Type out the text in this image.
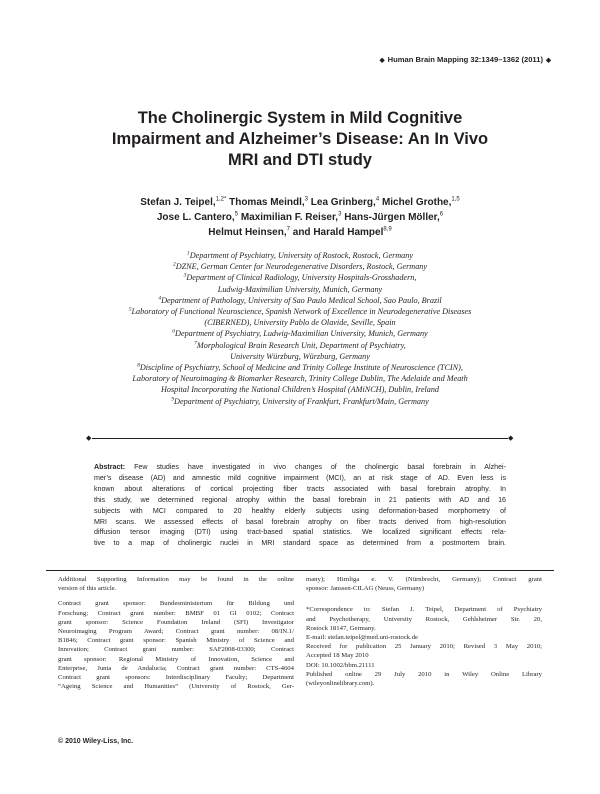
◆ Human Brain Mapping 32:1349–1362 (2011) ◆
The Cholinergic System in Mild Cognitive
Impairment and Alzheimer’s Disease: An In Vivo
MRI and DTI study
Stefan J. Teipel,$^{1,2*}$ Thomas Meindl,$^3$ Lea Grinberg,$^4$ Michel Grothe,$^{1,5}$
Jose L. Cantero,$^5$ Maximilian F. Reiser,$^3$ Hans-Jürgen Möller,$^6$
Helmut Heinsen,$^7$ and Harald Hampel$^{8,9}$
$^1$Department of Psychiatry, University of Rostock, Rostock, Germany
$^2$DZNE, German Center for Neurodegenerative Disorders, Rostock, Germany
$^3$Department of Clinical Radiology, University Hospitals-Grosshadern,
Ludwig-Maximilian University, Munich, Germany
$^4$Department of Pathology, University of Sao Paulo Medical School, Sao Paulo, Brazil
$^5$Laboratory of Functional Neuroscience, Spanish Network of Excellence in Neurodegenerative Diseases
(CIBERNED), University Pablo de Olavide, Seville, Spain
$^6$Department of Psychiatry, Ludwig-Maximilian University, Munich, Germany
$^7$Morphological Brain Research Unit, Department of Psychiatry,
University Würzburg, Würzburg, Germany
$^8$Discipline of Psychiatry, School of Medicine and Trinity College Institute of Neuroscience (TCIN),
Laboratory of Neuroimaging & Biomarker Research, Trinity College Dublin, The Adelaide and Meath
Hospital Incorporating the National Children’s Hospital (AMiNCH), Dublin, Ireland
$^9$Department of Psychiatry, University of Frankfurt, Frankfurt/Main, Germany
◆	◆
Abstract: Few studies have investigated in vivo changes of the cholinergic basal forebrain in Alzhei-
mer’s disease (AD) and amnestic mild cognitive impairment (MCI), an at risk stage of AD. Even less is
known about alterations of cortical projecting fiber tracts associated with basal forebrain atrophy. In
this study, we determined regional atrophy within the basal forebrain in 21 patients with AD and 16
subjects with MCI compared to 20 healthy elderly subjects using deformation-based morphometry of
MRI scans. We assessed effects of basal forebrain atrophy on fiber tracts derived from high-resolution
diffusion tensor imaging (DTI) using tract-based spatial statistics. We localized significant effects rela-
tive to a map of cholinergic nuclei in MRI standard space as determined from a postmortem brain.
Additional Supporting Information may be found in the online
version of this article.
Contract grant sponsor: Bundesministerium für Bildung und
Forschung; Contract grant number: BMBF 01 GI 0102; Contract
grant sponsor: Science Foundation Ireland (SFI) Investigator
Neuroimaging Program Award; Contract grant number: 08/IN.1/
B1846; Contract grant sponsor: Spanish Ministry of Science and
Innovation; Contract grant number: SAF2008-03300; Contract
grant sponsor: Regional Ministry of Innovation, Science and
Enterprise, Junta de Andalucia; Contract grant number: CTS-4604
Contract grant sponsors: Interdisciplinary Faculty; Department
“Ageing Science and Humanities” (University of Rostock, Ger-
many); Hirnliga e. V. (Nürnbrecht, Germany); Contract grant
sponsor: Janssen-CILAG (Neuss, Germany)
*Correspondence to: Stefan J. Teipel, Department of Psychiatry
and Psychotherapy, University Rostock, Gehlsheimer Str. 20,
Rostock 18147, Germany.
E-mail: stefan.teipel@med.uni-rostock.de
Received for publication 25 January 2010; Revised 3 May 2010;
Accepted 18 May 2010
DOI: 10.1002/hbm.21111
Published online 29 July 2010 in Wiley Online Library
(wileyonlinelibrary.com).
© 2010 Wiley-Liss, Inc.
